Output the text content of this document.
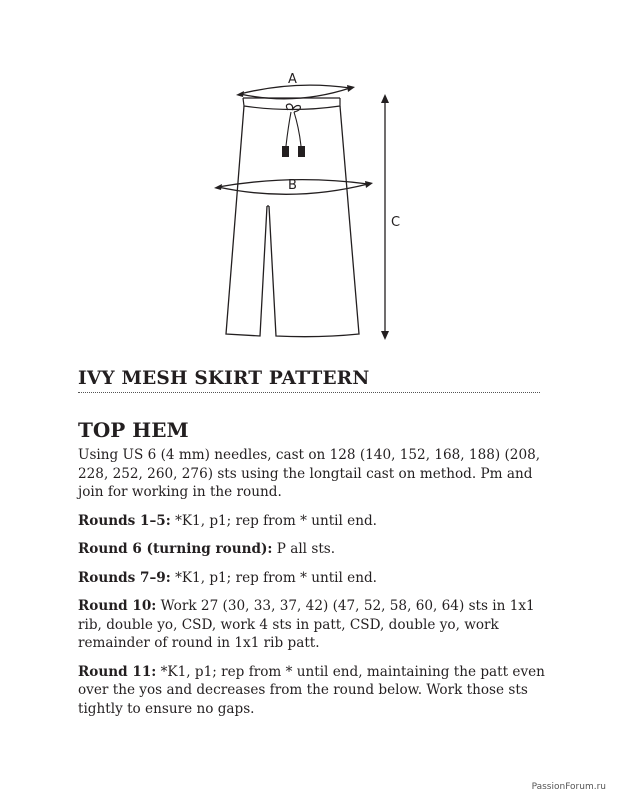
A
B
C
IVY MESH SKIRT PATTERN
TOP HEM

Using US 6 (4 mm) needles, cast on 128 (140, 152, 168, 188) (208, 228, 252, 260, 276) sts using the longtail cast on method. Pm and join for working in the round.

Rounds 1–5: *K1, p1; rep from * until end.

Round 6 (turning round): P all sts.

Rounds 7–9: *K1, p1; rep from * until end.

Round 10: Work 27 (30, 33, 37, 42) (47, 52, 58, 60, 64) sts in 1x1 rib, double yo, CSD, work 4 sts in patt, CSD, double yo, work remainder of round in 1x1 rib patt.

Round 11: *K1, p1; rep from * until end, maintaining the patt even over the yos and decreases from the round below. Work those sts tightly to ensure no gaps.

PassionForum.ru
